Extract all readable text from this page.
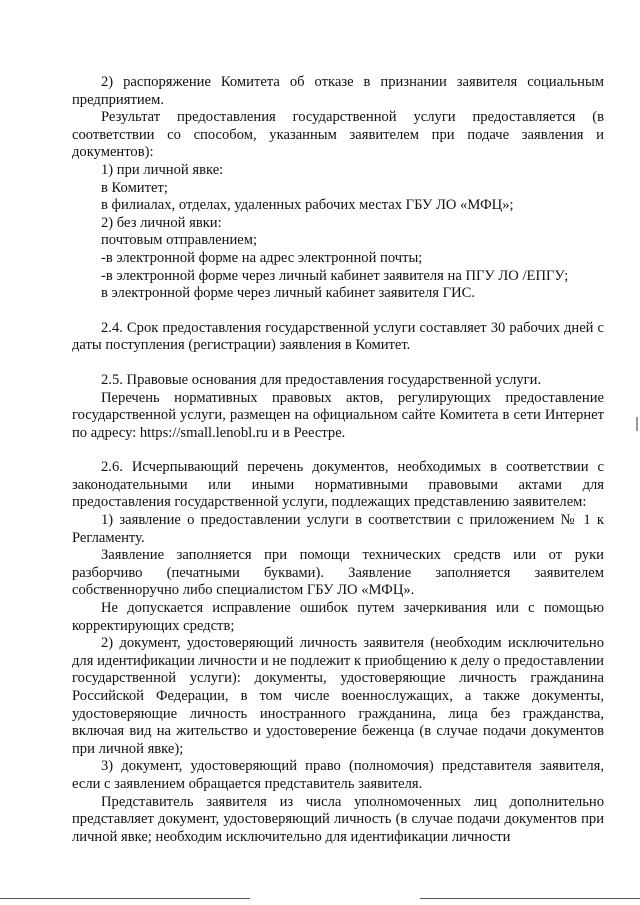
2) распоряжение Комитета об отказе в признании заявителя социальным предприятием.

Результат предоставления государственной услуги предоставляется (в соответствии со способом, указанным заявителем при подаче заявления и документов):

1) при личной явке:

в Комитет;

в филиалах, отделах, удаленных рабочих местах ГБУ ЛО «МФЦ»;

2) без личной явки:

почтовым отправлением;

-в электронной форме на адрес электронной почты;

-в электронной форме через личный кабинет заявителя на ПГУ ЛО /ЕПГУ;

в электронной форме через личный кабинет заявителя ГИС.

2.4. Срок предоставления государственной услуги составляет 30 рабочих дней с даты поступления (регистрации) заявления в Комитет.

2.5. Правовые основания для предоставления государственной услуги.

Перечень нормативных правовых актов, регулирующих предоставление государственной услуги, размещен на официальном сайте Комитета в сети Интернет по адресу: https://small.lenobl.ru и в Реестре.

2.6. Исчерпывающий перечень документов, необходимых в соответствии с законодательными или иными нормативными правовыми актами для предоставления государственной услуги, подлежащих представлению заявителем:

1) заявление о предоставлении услуги в соответствии с приложением № 1 к Регламенту.

Заявление заполняется при помощи технических средств или от руки разборчиво (печатными буквами). Заявление заполняется заявителем собственноручно либо специалистом ГБУ ЛО «МФЦ».

Не допускается исправление ошибок путем зачеркивания или с помощью корректирующих средств;

2) документ, удостоверяющий личность заявителя (необходим исключительно для идентификации личности и не подлежит к приобщению к делу о предоставлении государственной услуги): документы, удостоверяющие личность гражданина Российской Федерации, в том числе военнослужащих, а также документы, удостоверяющие личность иностранного гражданина, лица без гражданства, включая вид на жительство и удостоверение беженца (в случае подачи документов при личной явке);

3) документ, удостоверяющий право (полномочия) представителя заявителя, если с заявлением обращается представитель заявителя.

Представитель заявителя из числа уполномоченных лиц дополнительно представляет документ, удостоверяющий личность (в случае подачи документов при личной явке; необходим исключительно для идентификации личности
